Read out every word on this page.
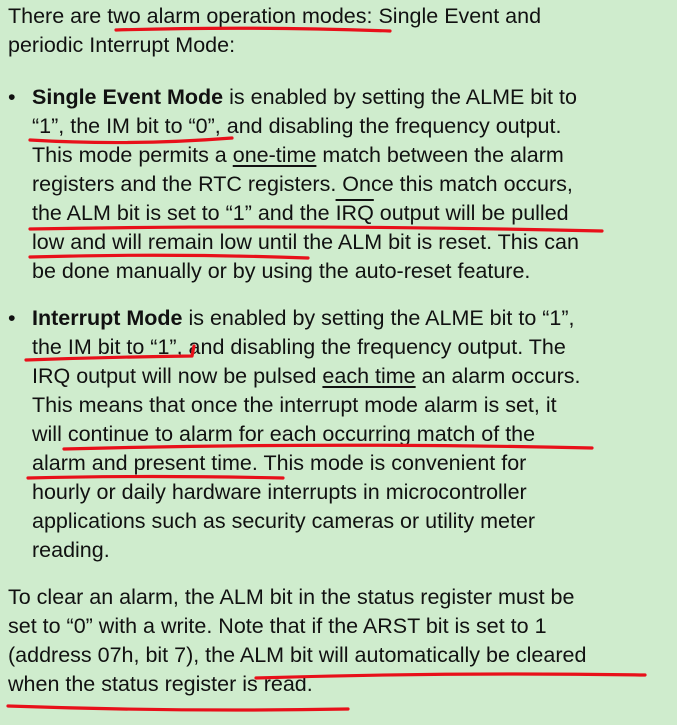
There are two alarm operation modes: Single Event and
periodic Interrupt Mode:

• Single Event Mode is enabled by setting the ALME bit to
“1”, the IM bit to “0”, and disabling the frequency output.
This mode permits a one-time match between the alarm
registers and the RTC registers. Once this match occurs,
the ALM bit is set to “1” and the $\overline{IRQ}$ output will be pulled
low and will remain low until the ALM bit is reset. This can
be done manually or by using the auto-reset feature.

• Interrupt Mode is enabled by setting the ALME bit to “1”,
the IM bit to “1”, and disabling the frequency output. The
IRQ output will now be pulsed each time an alarm occurs.
This means that once the interrupt mode alarm is set, it
will continue to alarm for each occurring match of the
alarm and present time. This mode is convenient for
hourly or daily hardware interrupts in microcontroller
applications such as security cameras or utility meter
reading.

To clear an alarm, the ALM bit in the status register must be
set to “0” with a write. Note that if the ARST bit is set to 1
(address 07h, bit 7), the ALM bit will automatically be cleared
when the status register is read.
